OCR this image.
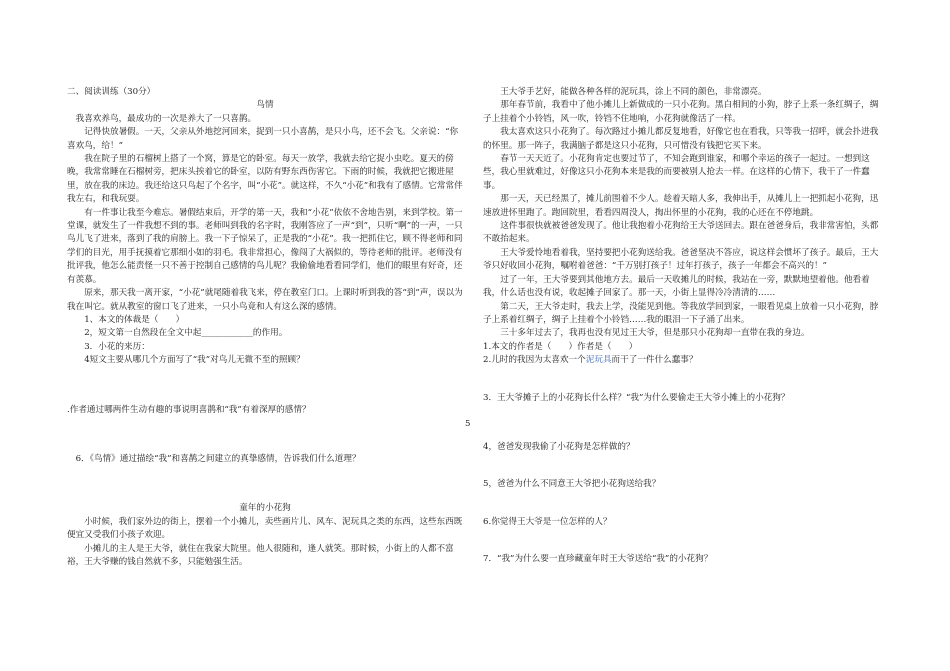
二、阅读训练（30分）

鸟情

我喜欢养鸟，最成功的一次是养大了一只喜鹊。

记得快放暑假。一天，父亲从外地挖河回来，捉到一只小喜鹊，是只小鸟，还不会飞。父亲说：“你喜欢鸟，给！”

我在院子里的石榴树上搭了一个窝，算是它的卧室。每天一放学，我就去给它捉小虫吃。夏天的傍晚，我常常睡在石榴树旁，把床头挨着它的卧室，以防有野东西伤害它。下雨的时候，我就把它搬进屋里，放在我的床边。我还给这只鸟起了个名字，叫“小花”。就这样，不久“小花”和我有了感情。它常常伴我左右，和我玩耍。

有一件事让我至今难忘。暑假结束后，开学的第一天，我和“小花”依依不舍地告别，来到学校。第一堂课，就发生了一件我想不到的事。老师叫到我的名字时，我刚答应了一声“到”，只听“啊”的一声，一只鸟儿飞了进来，落到了我的肩膀上。我一下子惊呆了，正是我的“小花”。我一把抓住它，顾不得老师和同学们的目光，用手抚摸着它那细小如的羽毛。我非常担心，像闯了大祸似的，等待老师的批评。老师没有批评我，他怎么能责怪一只不善于控制自己感情的鸟儿呢？我偷偷地看看同学们，他们的眼里有好奇，还有羡慕。

原来，那天我一离开家，“小花”就尾随着我飞来，停在教室门口。上课时听到我的答“到”声，误以为我在叫它。就从教室的窗口飞了进来，一只小鸟竟和人有这么深的感情。

1、本文的体裁是（　　）

2，短文第一自然段在全文中起____________的作用。

3．小花的来历：

4短文主要从哪几个方面写了“我”对鸟儿无微不至的照顾？

.作者通过哪两件生动有趣的事说明喜鹊和“我”有着深厚的感情？

6．《鸟情》通过描绘“我”和喜鹊之间建立的真挚感情，告诉我们什么道理？

童年的小花狗

小时候，我们家外边的街上，摆着一个小摊儿，卖些画片儿、风车、泥玩具之类的东西，这些东西既便宜又受我们小孩子欢迎。

小摊儿的主人是王大爷，就住在我家大院里。他人很随和，逢人就笑。那时候，小街上的人都不富裕，王大爷赚的钱自然就不多，只能勉强生活。

5

王大爷手艺好，能做各种各样的泥玩具，涂上不同的颜色，非常漂亮。

那年春节前，我看中了他小摊儿上新做成的一只小花狗。黑白相间的小狗，脖子上系一条红绸子，绸子上挂着个小铃铛，风一吹，铃铛不住地响，小花狗就像活了一样。

我太喜欢这只小花狗了。每次路过小摊儿都反复地看，好像它也在看我，只等我一招呼，就会扑进我的怀里。那一阵子，我满脑子都是这只小花狗，只可惜没有钱把它买下来。

春节一天天近了。小花狗肯定也要过节了，不知会跑到谁家，和哪个幸运的孩子一起过。一想到这些，我心里就难过，好像这只小花狗本来是我的而要被别人抢去一样。在这样的心情下，我干了一件蠢事。

那一天，天已经黑了，摊儿前围着不少人。趁着天暗人多，我伸出手，从摊儿上一把抓起小花狗，迅速放进怀里跑了。跑回院里，看看四周没人，掏出怀里的小花狗，我的心还在不停地跳。

这件事很快就被爸爸发现了。他让我抱着小花狗给王大爷送回去。跟在爸爸身后，我非常害怕，头都不敢抬起来。

王大爷爱怜地看着我，坚持要把小花狗送给我。爸爸坚决不答应，说这样会惯坏了孩子。最后，王大爷只好收回小花狗，嘱咐着爸爸：“千万别打孩子！过年打孩子，孩子一年都会不高兴的！”

过了一年，王大爷要到其他地方去。最后一天收摊儿的时候，我站在一旁，默默地望着他。他看着我，什么话也没有说，收起摊子回家了。那一天，小街上显得冷冷清清的……

第二天，王大爷走时，我去上学，没能见到他。等我放学回到家，一眼看见桌上放着一只小花狗，脖子上系着红绸子，绸子上挂着个小铃铛……我的眼泪一下子涌了出来。

三十多年过去了，我再也没有见过王大爷，但是那只小花狗却一直带在我的身边。

1.本文的作者是（　　）作者是（　　）

2.儿时的我因为太喜欢一个泥玩具而干了一件什么蠢事？

3．王大爷摊子上的小花狗长什么样？“我”为什么要偷走王大爷小摊上的小花狗？

4，爸爸发现我偷了小花狗是怎样做的？

5，爸爸为什么不同意王大爷把小花狗送给我？

6.你觉得王大爷是一位怎样的人？

7．“我”为什么要一直珍藏童年时王大爷送给“我”的小花狗？
